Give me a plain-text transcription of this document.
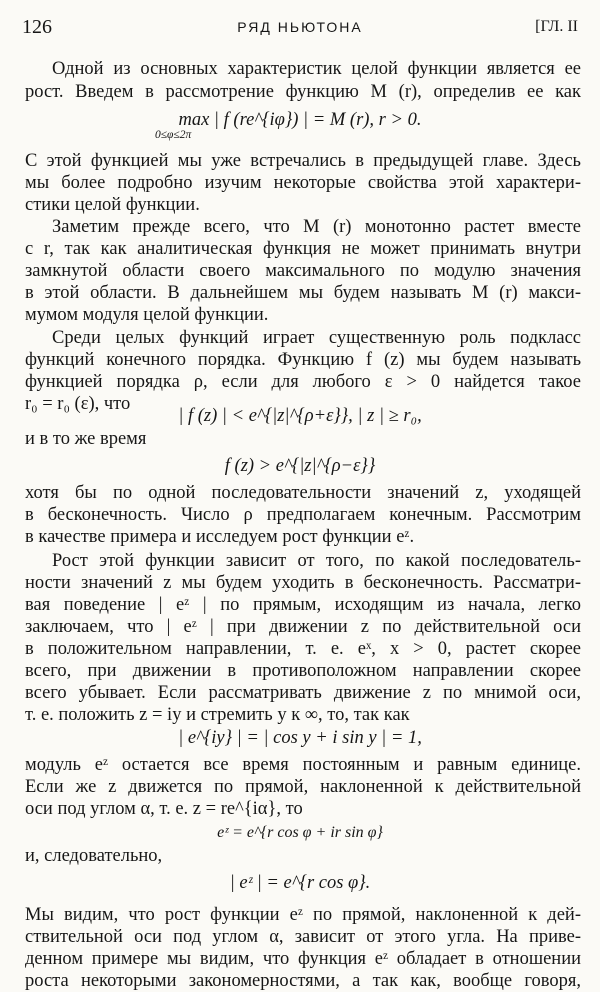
126	РЯД НЬЮТОНА	[ГЛ. II
Одной из основных характеристик целой функции является ее
рост. Введем в рассмотрение функцию M (r), определив ее как
max | f (re^{iφ}) | = M (r), r > 0.
0≤φ≤2π
С этой функцией мы уже встречались в предыдущей главе. Здесь
мы более подробно изучим некоторые свойства этой характери-
стики целой функции.
Заметим прежде всего, что M (r) монотонно растет вместе
с r, так как аналитическая функция не может принимать внутри
замкнутой области своего максимального по модулю значения
в этой области. В дальнейшем мы будем называть M (r) макси-
мумом модуля целой функции.
Среди целых функций играет существенную роль подкласс
функций конечного порядка. Функцию f (z) мы будем называть
функцией порядка ρ, если для любого ε > 0 найдется такое
r₀ = r₀ (ε), что
| f (z) | < e^{|z|^{ρ+ε}}, | z | ≥ r₀,
и в то же время
f (z) > e^{|z|^{ρ−ε}}
хотя бы по одной последовательности значений z, уходящей
в бесконечность. Число ρ предполагаем конечным. Рассмотрим
в качестве примера и исследуем рост функции eᶻ.
Рост этой функции зависит от того, по какой последователь-
ности значений z мы будем уходить в бесконечность. Рассматри-
вая поведение | eᶻ | по прямым, исходящим из начала, легко
заключаем, что | eᶻ | при движении z по действительной оси
в положительном направлении, т. е. eˣ, x > 0, растет скорее
всего, при движении в противоположном направлении скорее
всего убывает. Если рассматривать движение z по мнимой оси,
т. е. положить z = iy и стремить y к ∞, то, так как
| e^{iy} | = | cos y + i sin y | = 1,
модуль eᶻ остается все время постоянным и равным единице.
Если же z движется по прямой, наклоненной к действительной
оси под углом α, т. е. z = re^{iα}, то
eᶻ = e^{r cos φ + ir sin φ}
и, следовательно,
| eᶻ | = e^{r cos φ}.
Мы видим, что рост функции eᶻ по прямой, наклоненной к дей-
ствительной оси под углом α, зависит от этого угла. На приве-
денном примере мы видим, что функция eᶻ обладает в отношении
роста некоторыми закономерностями, а так как, вообще говоря,
